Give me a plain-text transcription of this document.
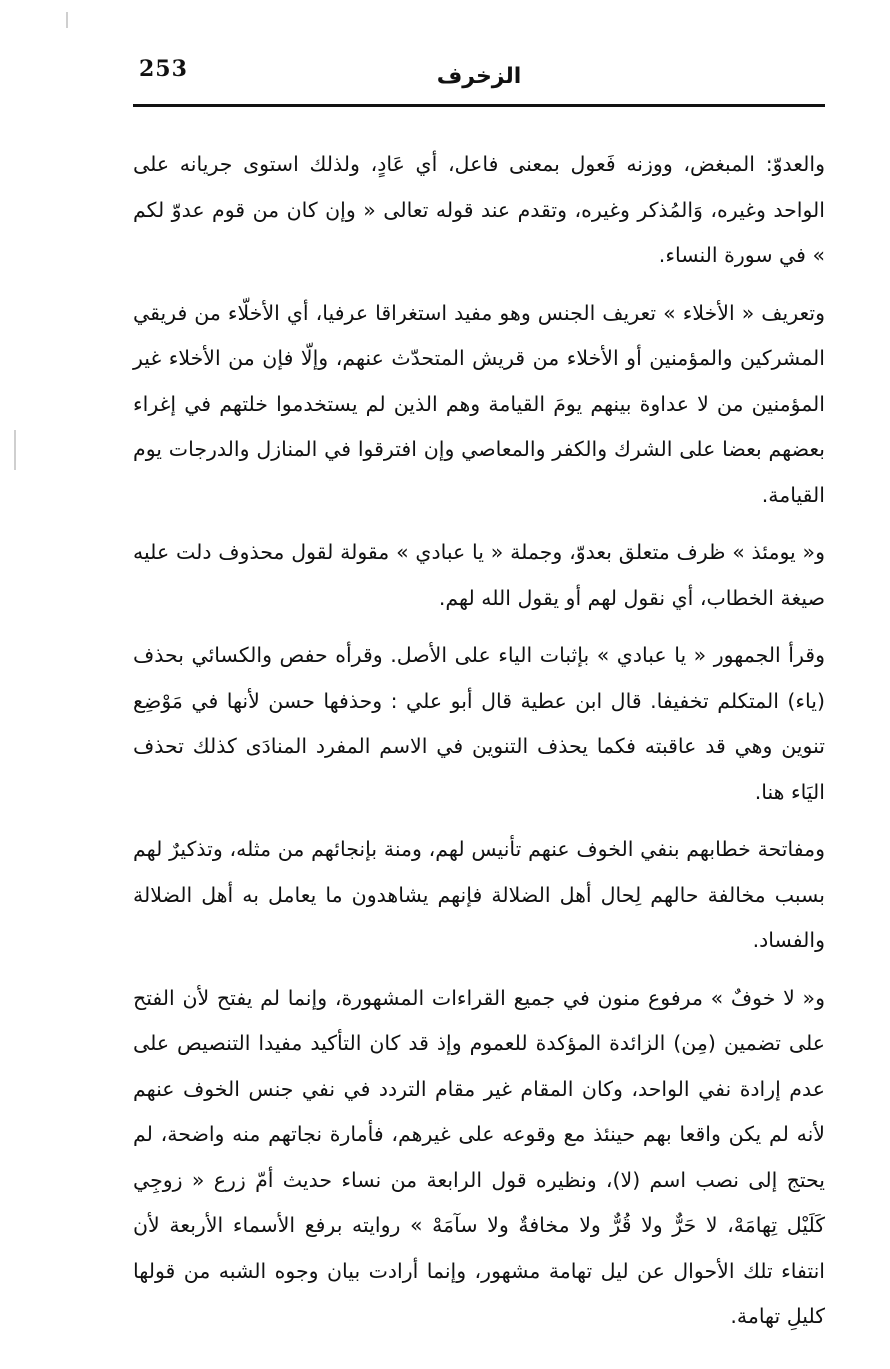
253	الزخرف

والعدوّ: المبغض، ووزنه فَعول بمعنى فاعل، أي عَادٍ، ولذلك استوى جريانه على الواحد وغيره، وَالمُذكر وغيره، وتقدم عند قوله تعالى « وإن كان من قوم عدوّ لكم » في سورة النساء.

وتعريف « الأخلاء » تعريف الجنس وهو مفيد استغراقا عرفيا، أي الأخلّاء من فريقي المشركين والمؤمنين أو الأخلاء من قريش المتحدّث عنهم، وإلّا فإن من الأخلاء غير المؤمنين من لا عداوة بينهم يومَ القيامة وهم الذين لم يستخدموا خلتهم في إغراء بعضهم بعضا على الشرك والكفر والمعاصي وإن افترقوا في المنازل والدرجات يوم القيامة.

و« يومئذ » ظرف متعلق بعدوّ، وجملة « يا عبادي » مقولة لقول محذوف دلت عليه صيغة الخطاب، أي نقول لهم أو يقول الله لهم.

وقرأ الجمهور « يا عبادي » بإثبات الياء على الأصل. وقرأه حفص والكسائي بحذف (ياء) المتكلم تخفيفا. قال ابن عطية قال أبو علي : وحذفها حسن لأنها في مَوْضِع تنوين وهي قد عاقبته فكما يحذف التنوين في الاسم المفرد المنادَى كذلك تحذف اليَاء هنا.

ومفاتحة خطابهم بنفي الخوف عنهم تأنيس لهم، ومنة بإنجائهم من مثله، وتذكيرٌ لهم بسبب مخالفة حالهم لِحال أهل الضلالة فإنهم يشاهدون ما يعامل به أهل الضلالة والفساد.

و« لا خوفٌ » مرفوع منون في جميع القراءات المشهورة، وإنما لم يفتح لأن الفتح على تضمين (مِن) الزائدة المؤكدة للعموم وإذ قد كان التأكيد مفيدا التنصيص على عدم إرادة نفي الواحد، وكان المقام غير مقام التردد في نفي جنس الخوف عنهم لأنه لم يكن واقعا بهم حينئذ مع وقوعه على غيرهم، فأمارة نجاتهم منه واضحة، لم يحتج إلى نصب اسم (لا)، ونظيره قول الرابعة من نساء حديث أمّ زرع « زوجِي كَلَيْل تِهامَهْ، لا حَرٌّ ولا قُرٌّ ولا مخافةٌ ولا سآمَهْ » روايته برفع الأسماء الأربعة لأن انتفاء تلك الأحوال عن ليل تهامة مشهور، وإنما أرادت بيان وجوه الشبه من قولها كليلِ تهامة.
